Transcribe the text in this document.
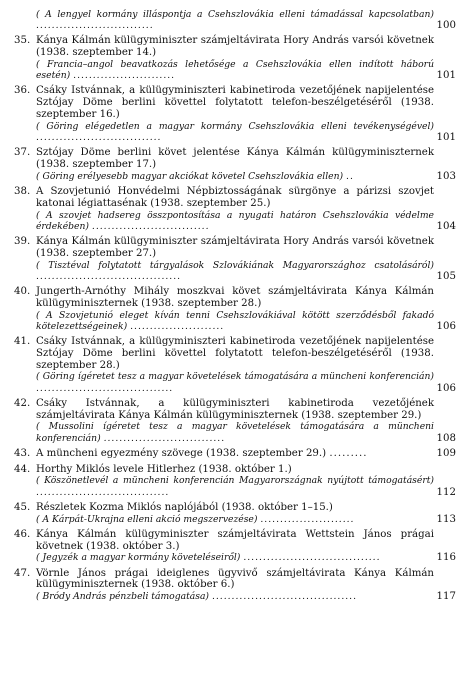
( A lengyel kormány illáspontja a Csehszlovákia elleni támadással kapcsolatban) ..............................	100
35. Kánya Kálmán külügyminiszter számjeltávirata Hory András varsói követnek (1938. szeptember 14.)
( Francia–angol beavatkozás lehetősége a Csehszlovákia ellen indított háború esetén) ..........................	101
36. Csáky Istvánnak, a külügyminiszteri kabinetiroda vezetőjének napijelentése Sztójay Döme berlini követtel folytatott telefon-beszélgetéséről (1938. szeptember 16.)
( Göring elégedetlen a magyar kormány Csehszlovákia elleni tevékenységével) ................................	101
37. Sztójay Döme berlini követ jelentése Kánya Kálmán külügyminiszternek (1938. szeptember 17.)
( Göring erélyesebb magyar akciókat követel Csehszlovákia ellen) ..	103
38. A Szovjetunió Honvédelmi Népbiztosságának sürgönye a párizsi szovjet katonai légiattasénak (1938. szeptember 25.)
( A szovjet hadsereg összpontosítása a nyugati határon Csehszlovákia védelme érdekében) ..............................	104
39. Kánya Kálmán külügyminiszter számjeltávirata Hory András varsói követnek (1938. szeptember 27.)
( Tisztéval folytatott tárgyalások Szlovákiának Magyarországhoz csatolásáról) .....................................	105
40. Jungerth-Arnóthy Mihály moszkvai követ számjeltávirata Kánya Kálmán külügyminiszternek (1938. szeptember 28.)
( A Szovjetunió eleget kíván tenni Csehszlovákiával kötött szerződésből fakadó kötelezettségeinek) ........................	106
41. Csáky Istvánnak, a külügyminiszteri kabinetiroda vezetőjének napijelentése Sztójay Döme berlini követtel folytatott telefon-beszélgetéséről (1938. szeptember 28.)
( Göring ígéretet tesz a magyar követelések támogatására a müncheni konferencián) ...................................	106
42. Csáky Istvánnak, a külügyminiszteri kabinetiroda vezetőjének számjeltávirata Kánya Kálmán külügyminiszternek (1938. szeptember 29.)
( Mussolini ígéretet tesz a magyar követelések támogatására a müncheni konferencián) ...............................	108
43. A müncheni egyezmény szövege (1938. szeptember 29.) .........	109
44. Horthy Miklós levele Hitlerhez (1938. október 1.)
( Köszönetlevél a müncheni konferencián Magyarországnak nyújtott támogatásért) ..................................	112
45. Részletek Kozma Miklós naplójából (1938. október 1–15.)
( A Kárpát-Ukrajna elleni akció megszervezése) ........................	113
46. Kánya Kálmán külügyminiszter számjeltávirata Wettstein János prágai követnek (1938. október 3.)
( Jegyzék a magyar kormány követeléseiről) ...................................	116
47. Vörnle János prágai ideiglenes ügyvivő számjeltávirata Kánya Kálmán külügyminiszternek (1938. október 6.)
( Bródy András pénzbeli támogatása) .....................................	117
